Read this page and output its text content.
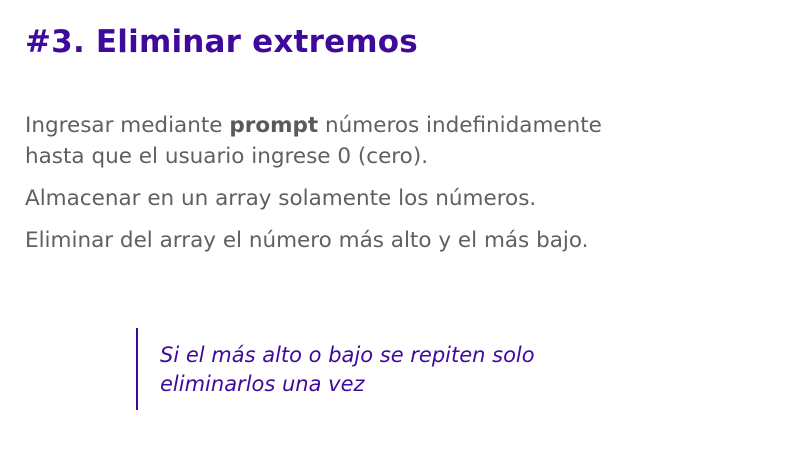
#3. Eliminar extremos

Ingresar mediante prompt números indefinidamente
hasta que el usuario ingrese 0 (cero).

Almacenar en un array solamente los números.

Eliminar del array el número más alto y el más bajo.

Si el más alto o bajo se repiten solo
eliminarlos una vez
